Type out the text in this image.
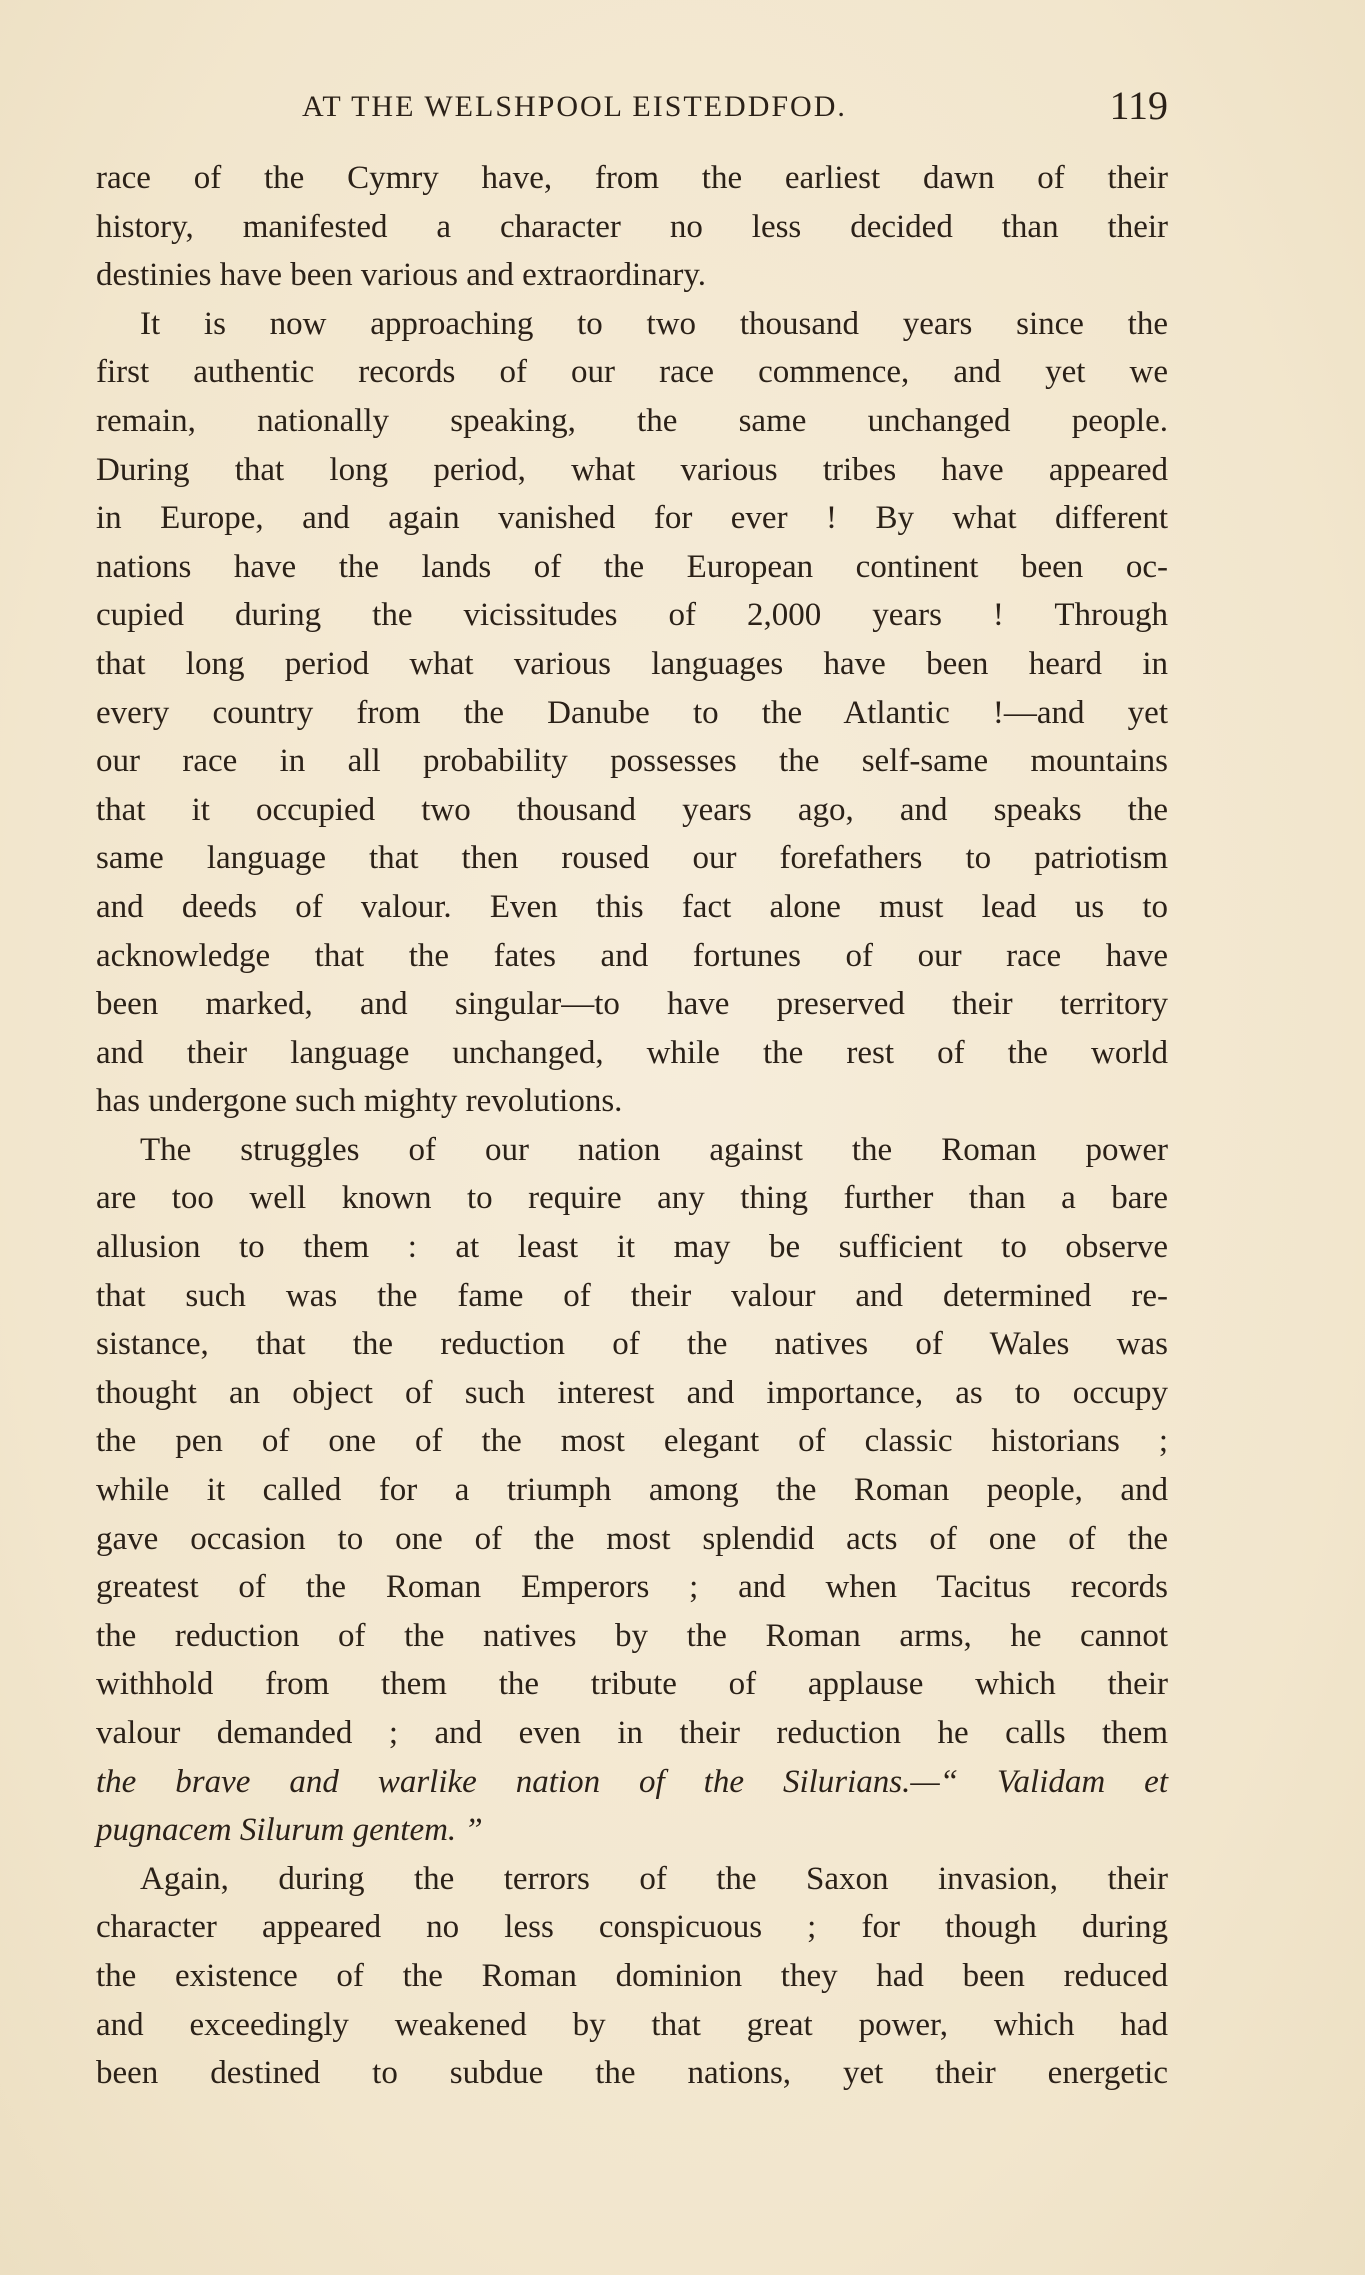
AT THE WELSHPOOL EISTEDDFOD.	119
race of the Cymry have, from the earliest dawn of their
history, manifested a character no less decided than their
destinies have been various and extraordinary.
It is now approaching to two thousand years since the
first authentic records of our race commence, and yet we
remain, nationally speaking, the same unchanged people.
During that long period, what various tribes have appeared
in Europe, and again vanished for ever ! By what different
nations have the lands of the European continent been oc-
cupied during the vicissitudes of 2,000 years ! Through
that long period what various languages have been heard in
every country from the Danube to the Atlantic !—and yet
our race in all probability possesses the self-same mountains
that it occupied two thousand years ago, and speaks the
same language that then roused our forefathers to patriotism
and deeds of valour. Even this fact alone must lead us to
acknowledge that the fates and fortunes of our race have
been marked, and singular—to have preserved their territory
and their language unchanged, while the rest of the world
has undergone such mighty revolutions.
The struggles of our nation against the Roman power
are too well known to require any thing further than a bare
allusion to them : at least it may be sufficient to observe
that such was the fame of their valour and determined re-
sistance, that the reduction of the natives of Wales was
thought an object of such interest and importance, as to occupy
the pen of one of the most elegant of classic historians ;
while it called for a triumph among the Roman people, and
gave occasion to one of the most splendid acts of one of the
greatest of the Roman Emperors ; and when Tacitus records
the reduction of the natives by the Roman arms, he cannot
withhold from them the tribute of applause which their
valour demanded ; and even in their reduction he calls them
the brave and warlike nation of the Silurians.—“ Validam et
pugnacem Silurum gentem. ”
Again, during the terrors of the Saxon invasion, their
character appeared no less conspicuous ; for though during
the existence of the Roman dominion they had been reduced
and exceedingly weakened by that great power, which had
been destined to subdue the nations, yet their energetic
